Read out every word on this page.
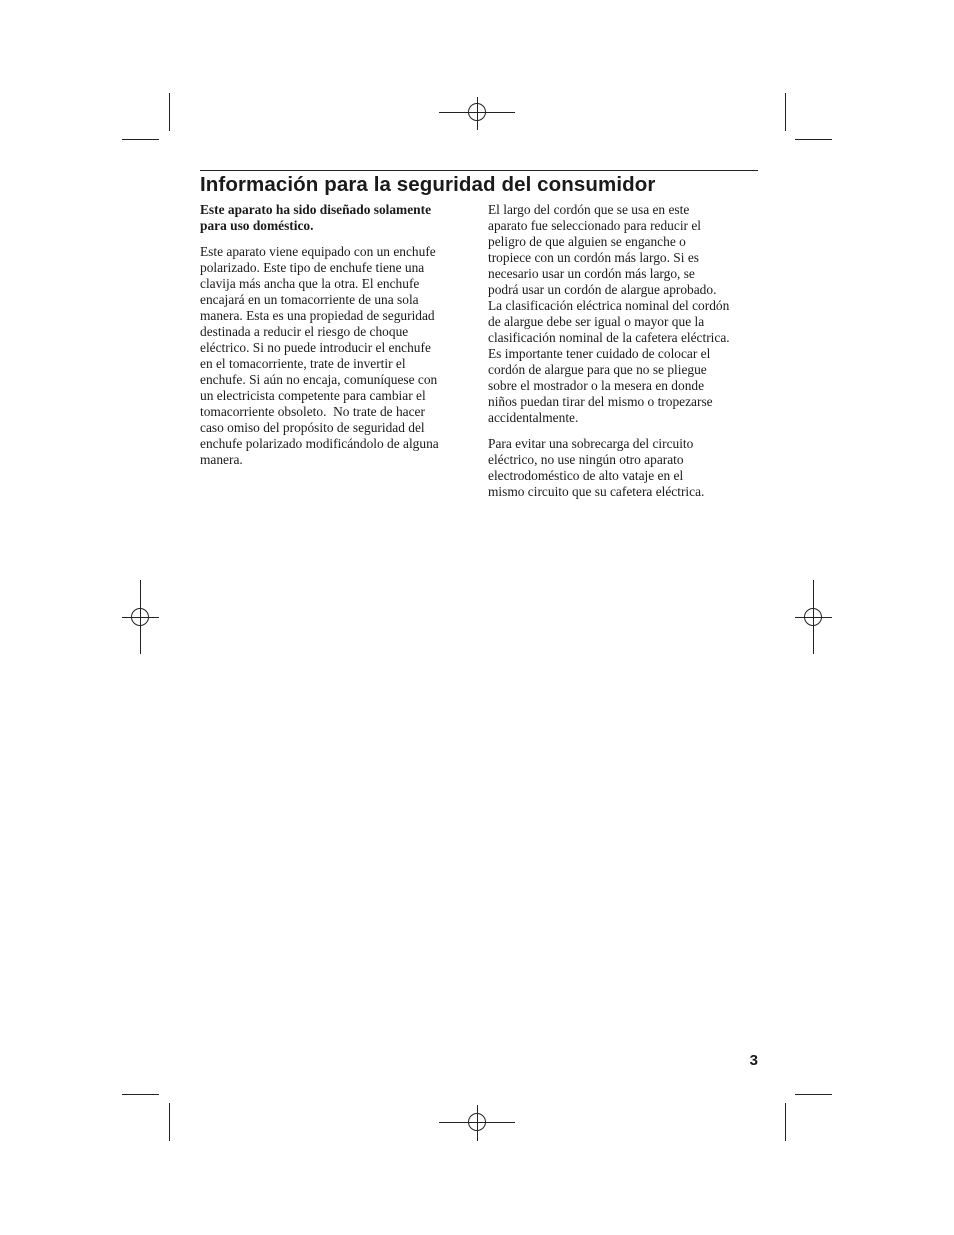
Información para la seguridad del consumidor

Este aparato ha sido diseñado solamente
para uso doméstico.

Este aparato viene equipado con un enchufe
polarizado. Este tipo de enchufe tiene una
clavija más ancha que la otra. El enchufe
encajará en un tomacorriente de una sola
manera. Esta es una propiedad de seguridad
destinada a reducir el riesgo de choque
eléctrico. Si no puede introducir el enchufe
en el tomacorriente, trate de invertir el
enchufe. Si aún no encaja, comuníquese con
un electricista competente para cambiar el
tomacorriente obsoleto.  No trate de hacer
caso omiso del propósito de seguridad del
enchufe polarizado modificándolo de alguna
manera.

El largo del cordón que se usa en este
aparato fue seleccionado para reducir el
peligro de que alguien se enganche o
tropiece con un cordón más largo. Si es
necesario usar un cordón más largo, se
podrá usar un cordón de alargue aprobado.
La clasificación eléctrica nominal del cordón
de alargue debe ser igual o mayor que la
clasificación nominal de la cafetera eléctrica.
Es importante tener cuidado de colocar el
cordón de alargue para que no se pliegue
sobre el mostrador o la mesera en donde
niños puedan tirar del mismo o tropezarse
accidentalmente.

Para evitar una sobrecarga del circuito
eléctrico, no use ningún otro aparato
electrodoméstico de alto vataje en el
mismo circuito que su cafetera eléctrica.

3
